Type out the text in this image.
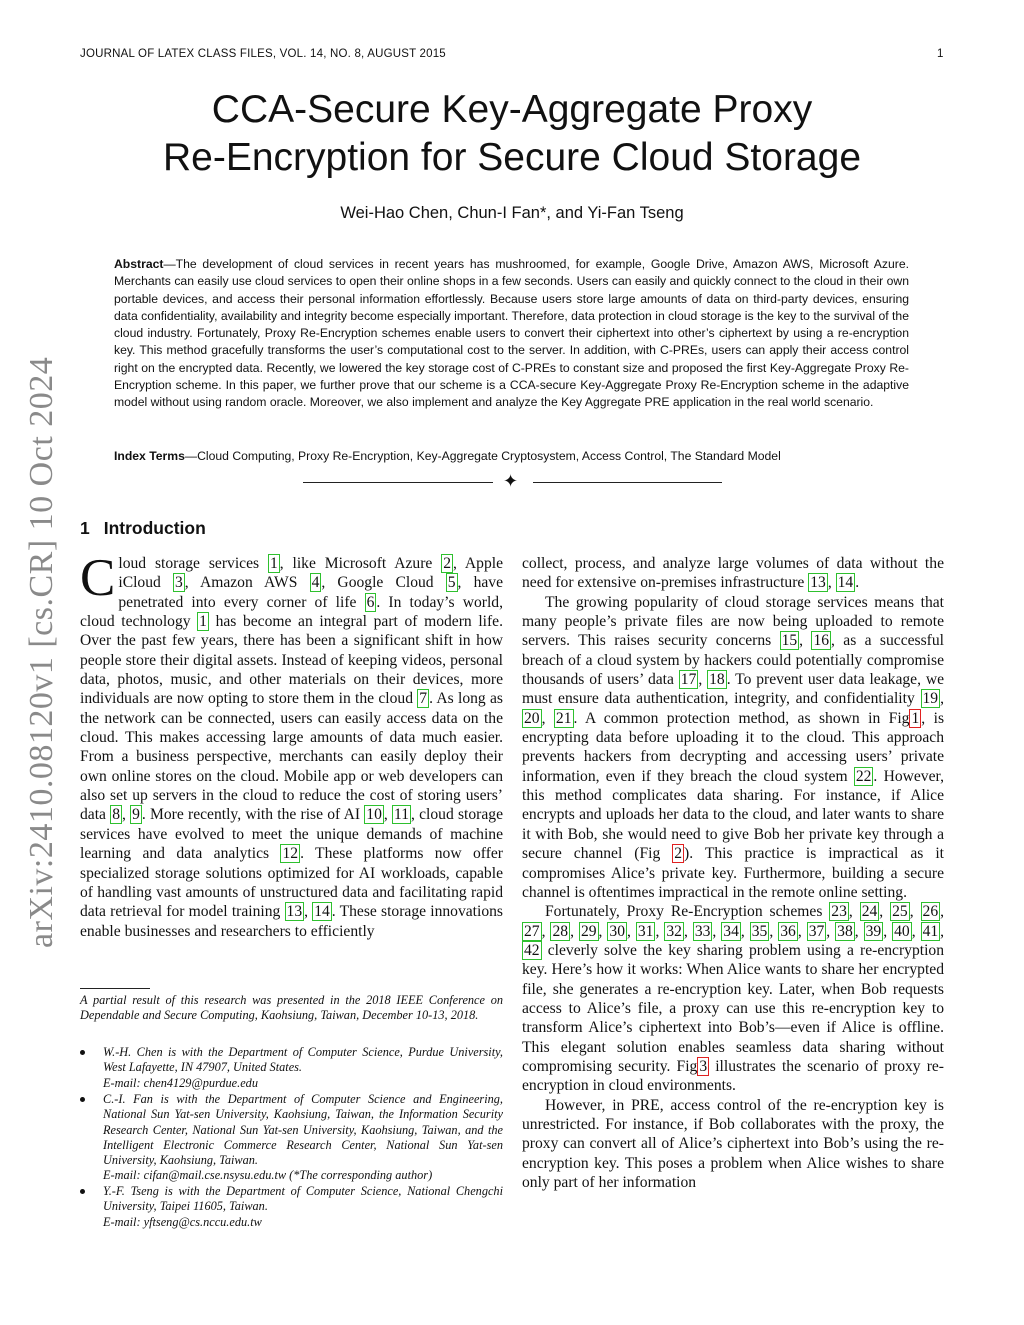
JOURNAL OF LATEX CLASS FILES, VOL. 14, NO. 8, AUGUST 2015	1
arXiv:2410.08120v1 [cs.CR] 10 Oct 2024
CCA-Secure Key-Aggregate Proxy
Re-Encryption for Secure Cloud Storage
Wei-Hao Chen, Chun-I Fan*, and Yi-Fan Tseng
Abstract—The development of cloud services in recent years has mushroomed, for example, Google Drive, Amazon AWS, Microsoft Azure. Merchants can easily use cloud services to open their online shops in a few seconds. Users can easily and quickly connect to the cloud in their own portable devices, and access their personal information effortlessly. Because users store large amounts of data on third-party devices, ensuring data confidentiality, availability and integrity become especially important. Therefore, data protection in cloud storage is the key to the survival of the cloud industry. Fortunately, Proxy Re-Encryption schemes enable users to convert their ciphertext into other’s ciphertext by using a re-encryption key. This method gracefully transforms the user’s computational cost to the server. In addition, with C-PREs, users can apply their access control right on the encrypted data. Recently, we lowered the key storage cost of C-PREs to constant size and proposed the first Key-Aggregate Proxy Re-Encryption scheme. In this paper, we further prove that our scheme is a CCA-secure Key-Aggregate Proxy Re-Encryption scheme in the adaptive model without using random oracle. Moreover, we also implement and analyze the Key Aggregate PRE application in the real world scenario.
Index Terms—Cloud Computing, Proxy Re-Encryption, Key-Aggregate Cryptosystem, Access Control, The Standard Model
✦
1 Introduction

Cloud storage services 1 , like Microsoft Azure 2 , Apple iCloud 3 , Amazon AWS 4 , Google Cloud 5 , have penetrated into every corner of life 6 . In today’s world, cloud technology 1 has become an integral part of modern life. Over the past few years, there has been a significant shift in how people store their digital assets. Instead of keeping videos, personal data, photos, music, and other materials on their devices, more individuals are now opting to store them in the cloud 7 . As long as the network can be connected, users can easily access data on the cloud. This makes accessing large amounts of data much easier. From a business perspective, merchants can easily deploy their own online stores on the cloud. Mobile app or web developers can also set up servers in the cloud to reduce the cost of storing users’ data 8 , 9 . More recently, with the rise of AI 10 , 11 , cloud storage services have evolved to meet the unique demands of machine learning and data analytics 12 . These platforms now offer specialized storage solutions optimized for AI workloads, capable of handling vast amounts of unstructured data and facilitating rapid data retrieval for model training 13 , 14 . These storage innovations enable businesses and researchers to efficiently

collect, process, and analyze large volumes of data without the need for extensive on-premises infrastructure 13 , 14 .

The growing popularity of cloud storage services means that many people’s private files are now being uploaded to remote servers. This raises security concerns 15 , 16 , as a successful breach of a cloud system by hackers could potentially compromise thousands of users’ data 17 , 18 . To prevent user data leakage, we must ensure data authentication, integrity, and confidentiality 19 , 20 , 21 . A common protection method, as shown in Fig 1 , is encrypting data before uploading it to the cloud. This approach prevents hackers from decrypting and accessing users’ private information, even if they breach the cloud system 22 . However, this method complicates data sharing. For instance, if Alice encrypts and uploads her data to the cloud, and later wants to share it with Bob, she would need to give Bob her private key through a secure channel (Fig 2 ). This practice is impractical as it compromises Alice’s private key. Furthermore, building a secure channel is oftentimes impractical in the remote online setting.

Fortunately, Proxy Re-Encryption schemes 23 , 24 , 25 , 26 , 27 , 28 , 29 , 30 , 31 , 32 , 33 , 34 , 35 , 36 , 37 , 38 , 39 , 40 , 41 , 42 cleverly solve the key sharing problem using a re-encryption key. Here’s how it works: When Alice wants to share her encrypted file, she generates a re-encryption key. Later, when Bob requests access to Alice’s file, a proxy can use this re-encryption key to transform Alice’s ciphertext into Bob’s—even if Alice is offline. This elegant solution enables seamless data sharing without compromising security. Fig 3 illustrates the scenario of proxy re-encryption in cloud environments.

However, in PRE, access control of the re-encryption key is unrestricted. For instance, if Bob collaborates with the proxy, the proxy can convert all of Alice’s ciphertext into Bob’s using the re-encryption key. This poses a problem when Alice wishes to share only part of her information

A partial result of this research was presented in the 2018 IEEE Conference on Dependable and Secure Computing, Kaohsiung, Taiwan, December 10-13, 2018.
W.-H. Chen is with the Department of Computer Science, Purdue University, West Lafayette, IN 47907, United States.
E-mail: chen4129@purdue.edu
C.-I. Fan is with the Department of Computer Science and Engineering, National Sun Yat-sen University, Kaohsiung, Taiwan, the Information Security Research Center, National Sun Yat-sen University, Kaohsiung, Taiwan, and the Intelligent Electronic Commerce Research Center, National Sun Yat-sen University, Kaohsiung, Taiwan.
E-mail: cifan@mail.cse.nsysu.edu.tw (*The corresponding author)
Y.-F. Tseng is with the Department of Computer Science, National Chengchi University, Taipei 11605, Taiwan.
E-mail: yftseng@cs.nccu.edu.tw
